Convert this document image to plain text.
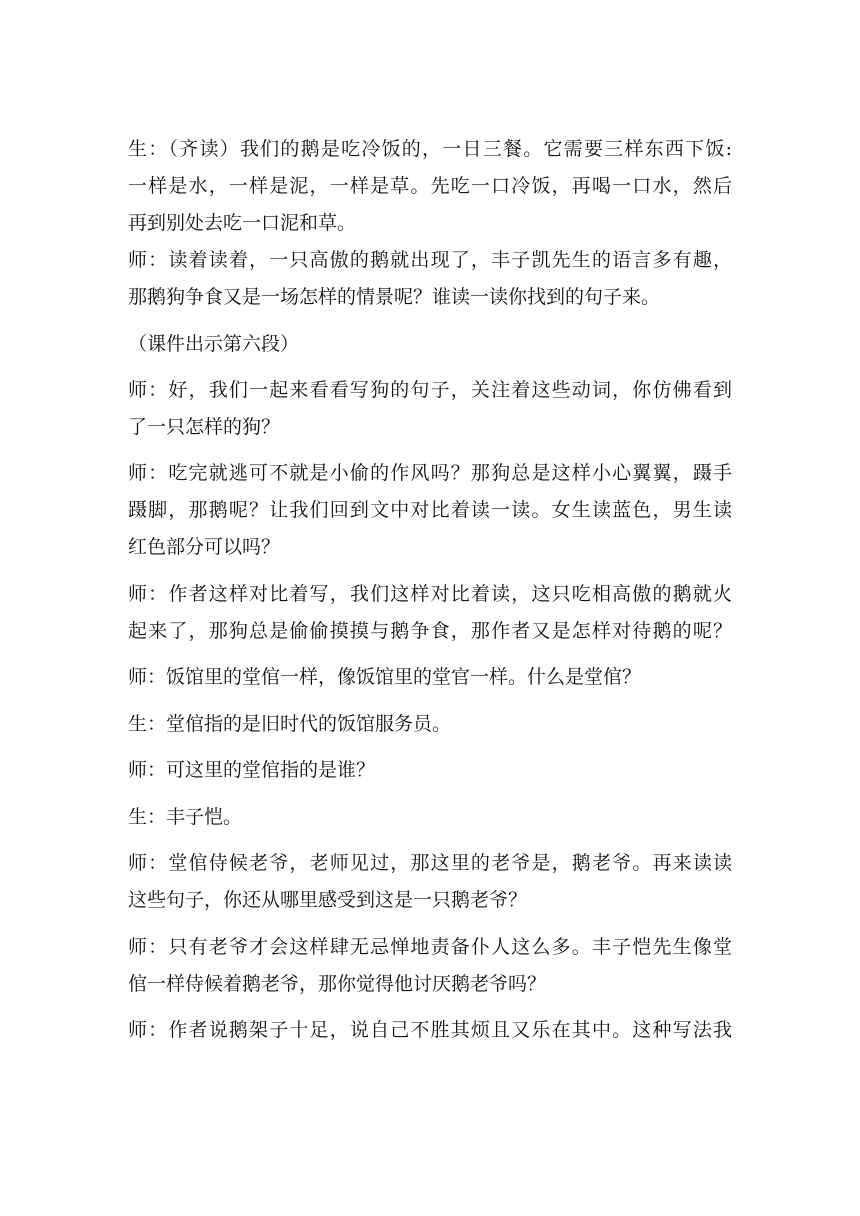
生：（齐读）我们的鹅是吃冷饭的，一日三餐。它需要三样东西下饭:
一样是水，一样是泥，一样是草。先吃一口冷饭，再喝一口水，然后
再到别处去吃一口泥和草。
师：读着读着，一只高傲的鹅就出现了，丰子凯先生的语言多有趣，
那鹅狗争食又是一场怎样的情景呢？谁读一读你找到的句子来。
（课件出示第六段）
师：好，我们一起来看看写狗的句子，关注着这些动词，你仿佛看到
了一只怎样的狗？
师：吃完就逃可不就是小偷的作风吗？那狗总是这样小心翼翼，蹑手
蹑脚，那鹅呢？让我们回到文中对比着读一读。女生读蓝色，男生读
红色部分可以吗？
师：作者这样对比着写，我们这样对比着读，这只吃相高傲的鹅就火
起来了，那狗总是偷偷摸摸与鹅争食，那作者又是怎样对待鹅的呢？
师：饭馆里的堂倌一样，像饭馆里的堂官一样。什么是堂倌？
生：堂倌指的是旧时代的饭馆服务员。
师：可这里的堂倌指的是谁？
生：丰子恺。
师：堂倌侍候老爷，老师见过，那这里的老爷是，鹅老爷。再来读读
这些句子，你还从哪里感受到这是一只鹅老爷？
师：只有老爷才会这样肆无忌惮地责备仆人这么多。丰子恺先生像堂
倌一样侍候着鹅老爷，那你觉得他讨厌鹅老爷吗？
师：作者说鹅架子十足，说自己不胜其烦且又乐在其中。这种写法我
